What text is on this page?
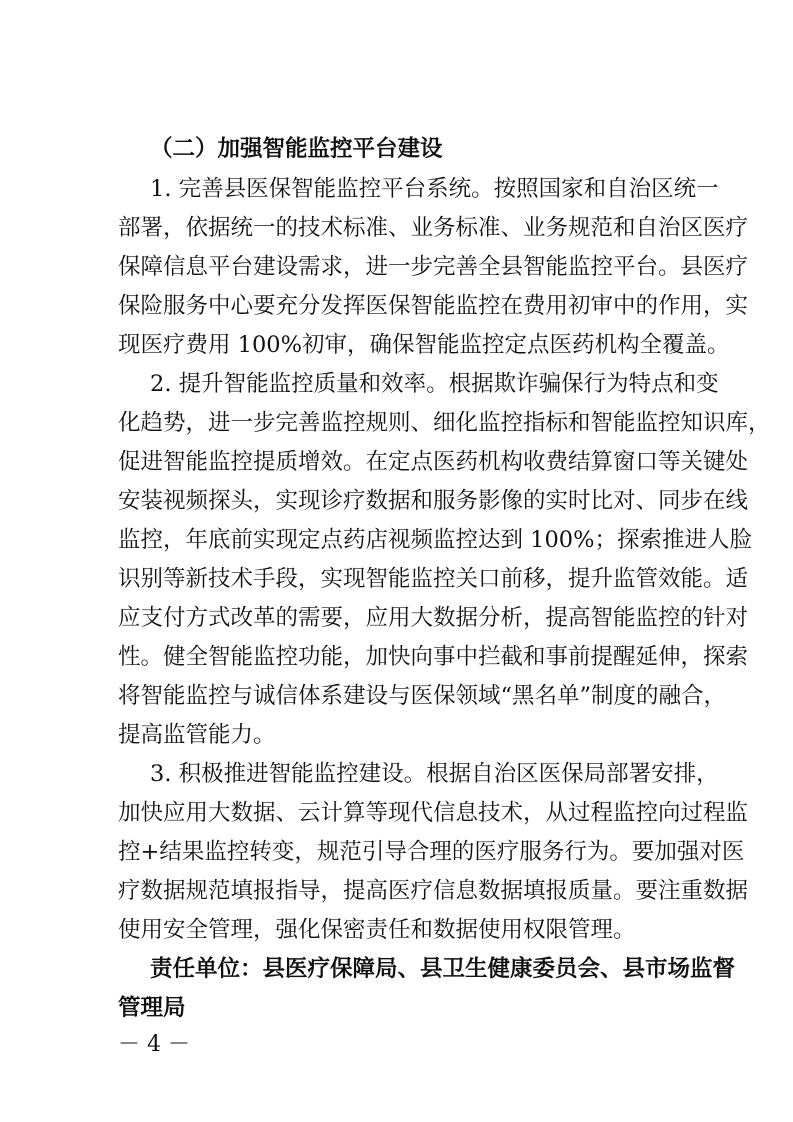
（二）加强智能监控平台建设
1. 完善县医保智能监控平台系统。按照国家和自治区统一
部署，依据统一的技术标准、业务标准、业务规范和自治区医疗
保障信息平台建设需求，进一步完善全县智能监控平台。县医疗
保险服务中心要充分发挥医保智能监控在费用初审中的作用，实
现医疗费用 100%初审，确保智能监控定点医药机构全覆盖。
2. 提升智能监控质量和效率。根据欺诈骗保行为特点和变
化趋势，进一步完善监控规则、细化监控指标和智能监控知识库，
促进智能监控提质增效。在定点医药机构收费结算窗口等关键处
安装视频探头，实现诊疗数据和服务影像的实时比对、同步在线
监控，年底前实现定点药店视频监控达到 100%；探索推进人脸
识别等新技术手段，实现智能监控关口前移，提升监管效能。适
应支付方式改革的需要，应用大数据分析，提高智能监控的针对
性。健全智能监控功能，加快向事中拦截和事前提醒延伸，探索
将智能监控与诚信体系建设与医保领域“黑名单”制度的融合，
提高监管能力。
3. 积极推进智能监控建设。根据自治区医保局部署安排，
加快应用大数据、云计算等现代信息技术，从过程监控向过程监
控+结果监控转变，规范引导合理的医疗服务行为。要加强对医
疗数据规范填报指导，提高医疗信息数据填报质量。要注重数据
使用安全管理，强化保密责任和数据使用权限管理。
责任单位：县医疗保障局、县卫生健康委员会、县市场监督
管理局
－ 4 －
